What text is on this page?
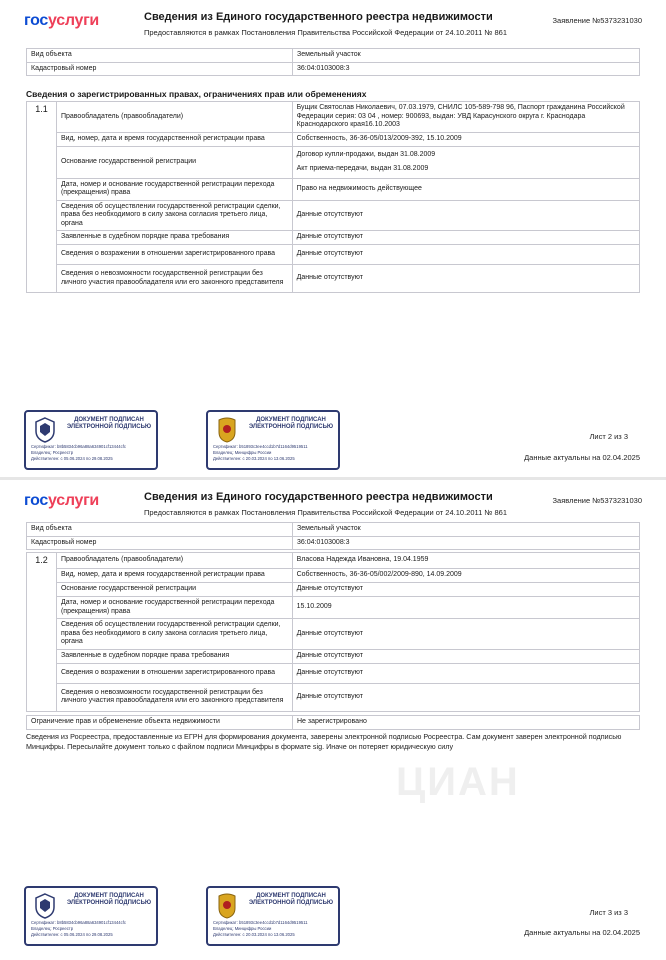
госуслуги	Сведения из Единого государственного реестра недвижимости
Предоставляются в рамках Постановления Правительства Российской Федерации от 24.10.2011 № 861
Заявление №5373231030
Вид объекта	Земельный участок
Кадастровый номер	36:04:0103008:3
Сведения о зарегистрированных правах, ограничениях прав или обременениях
1.1	Правообладатель (правообладатели)	Бущик Святослав Николаевич, 07.03.1979, СНИЛС 105-589-798 96, Паспорт гражданина Российской Федерации серия: 03 04 , номер: 900693, выдан: УВД Карасунского округа г. Краснодара Краснодарского края16.10.2003
	Вид, номер, дата и время государственной регистрации права	Собственность, 36-36-05/013/2009-392, 15.10.2009
	Основание государственной регистрации	Договор купли-продажи, выдан 31.08.2009
Акт приема-передачи, выдан 31.08.2009

	Дата, номер и основание государственной регистрации перехода (прекращения) права	Право на недвижимость действующее
	Сведения об осуществлении государственной регистрации сделки, права без необходимого в силу закона согласия третьего лица, органа	Данные отсутствуют
	Заявленные в судебном порядке права требования	Данные отсутствуют
	Сведения о возражении в отношении зарегистрированного права	Данные отсутствуют
	Сведения о невозможности государственной регистрации без личного участия правообладателя или его законного представителя	Данные отсутствуют
ДОКУМЕНТ ПОДПИСАН ЭЛЕКТРОННОЙ ПОДПИСЬЮ
Сертификат: b8b5834cb96a88a634901cf13444cfc
Владелец: Росреестр
Действителен: с 05.06.2024 по 29.08.2025
ДОКУМЕНТ ПОДПИСАН ЭЛЕКТРОННОЙ ПОДПИСЬЮ
Сертификат: b51893c3ee4ccd1b7d1164d9519511
Владелец: Минцифры России
Действителен: с 20.03.2024 по 13.06.2025
Лист 2 из 3
Данные актуальны на 02.04.2025
госуслуги	Сведения из Единого государственного реестра недвижимости
Предоставляются в рамках Постановления Правительства Российской Федерации от 24.10.2011 № 861
Заявление №5373231030
ЦИАН
Вид объекта	Земельный участок
Кадастровый номер	36:04:0103008:3
1.2	Правообладатель (правообладатели)	Власова Надежда Ивановна, 19.04.1959
	Вид, номер, дата и время государственной регистрации права	Собственность, 36-36-05/002/2009-890, 14.09.2009
	Основание государственной регистрации	Данные отсутствуют
	Дата, номер и основание государственной регистрации перехода (прекращения) права	15.10.2009
	Сведения об осуществлении государственной регистрации сделки, права без необходимого в силу закона согласия третьего лица, органа	Данные отсутствуют
	Заявленные в судебном порядке права требования	Данные отсутствуют
	Сведения о возражении в отношении зарегистрированного права	Данные отсутствуют
	Сведения о невозможности государственной регистрации без личного участия правообладателя или его законного представителя	Данные отсутствуют
Ограничение прав и обременение объекта недвижимости	Не зарегистрировано
Сведения из Росреестра, предоставленные из ЕГРН для формирования документа, заверены электронной подписью Росреестра. Сам документ заверен электронной подписью Минцифры. Пересылайте документ только с файлом подписи Минцифры в формате sig. Иначе он потеряет юридическую силу
ДОКУМЕНТ ПОДПИСАН ЭЛЕКТРОННОЙ ПОДПИСЬЮ
Сертификат: b8b5834cb96a88a634901cf13444cfc
Владелец: Росреестр
Действителен: с 05.06.2024 по 29.08.2025
ДОКУМЕНТ ПОДПИСАН ЭЛЕКТРОННОЙ ПОДПИСЬЮ
Сертификат: b51893c3ee4ccd1b7d1164d9519511
Владелец: Минцифры России
Действителен: с 20.03.2024 по 13.06.2025
Лист 3 из 3
Данные актуальны на 02.04.2025
